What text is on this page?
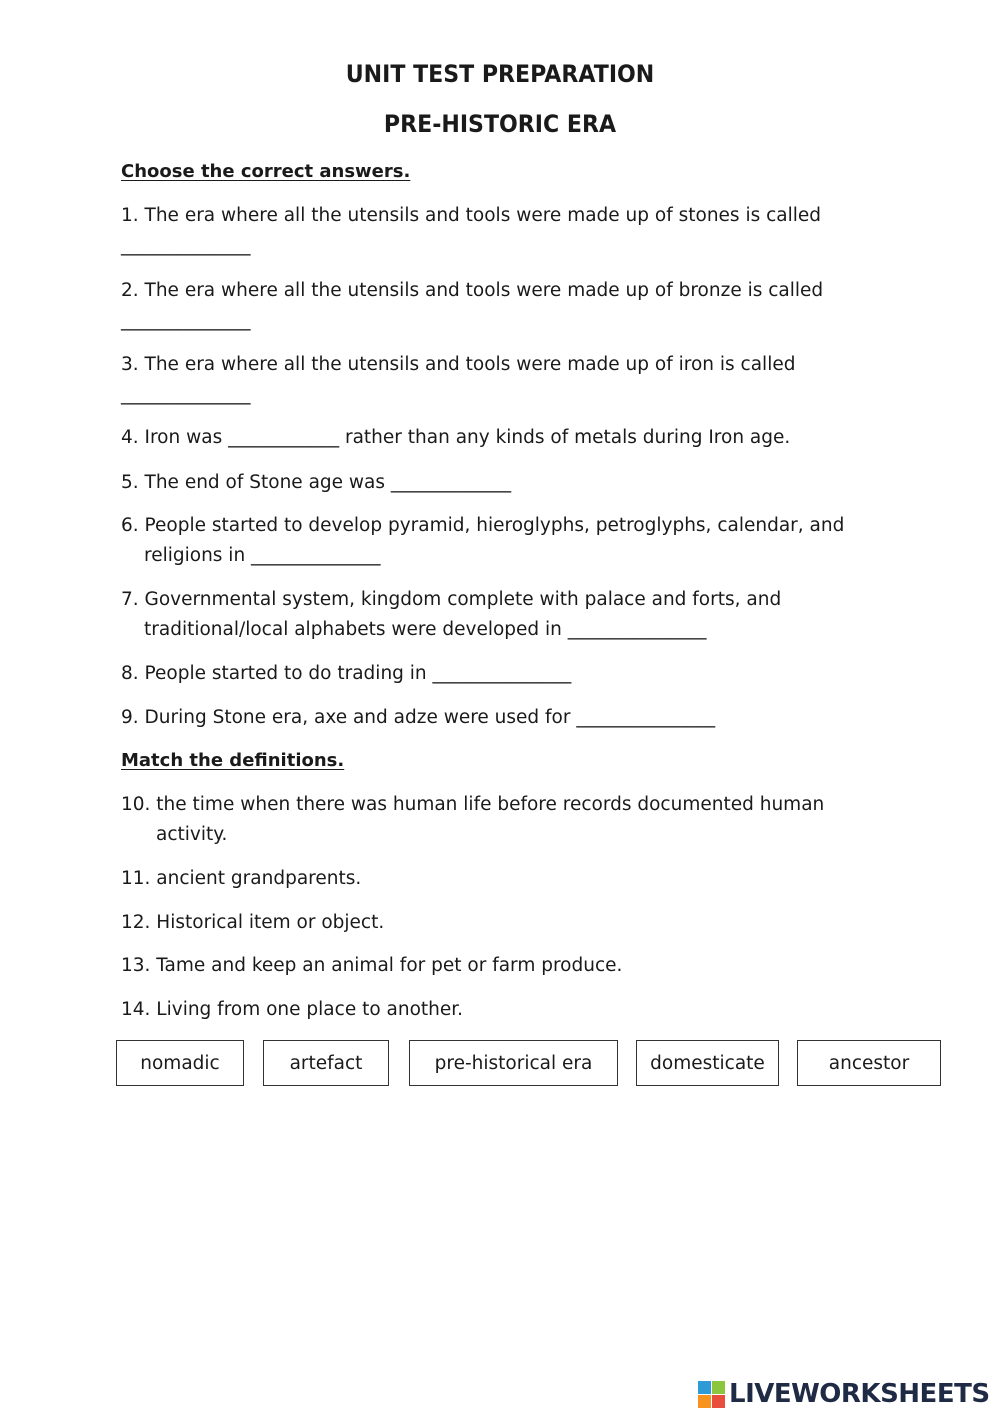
UNIT TEST PREPARATION
PRE-HISTORIC ERA
Choose the correct answers.
1. The era where all the utensils and tools were made up of stones is called
______________
2. The era where all the utensils and tools were made up of bronze is called
______________
3. The era where all the utensils and tools were made up of iron is called
______________
4. Iron was ____________ rather than any kinds of metals during Iron age.
5. The end of Stone age was _____________
6. People started to develop pyramid, hieroglyphs, petroglyphs, calendar, and
religions in ______________
7. Governmental system, kingdom complete with palace and forts, and
traditional/local alphabets were developed in _______________
8. People started to do trading in _______________
9. During Stone era, axe and adze were used for _______________
Match the definitions.
10. the time when there was human life before records documented human
activity.
11. ancient grandparents.
12. Historical item or object.
13. Tame and keep an animal for pet or farm produce.
14. Living from one place to another.
nomadic	artefact	pre-historical era	domesticate	ancestor
LIVEWORKSHEETS
